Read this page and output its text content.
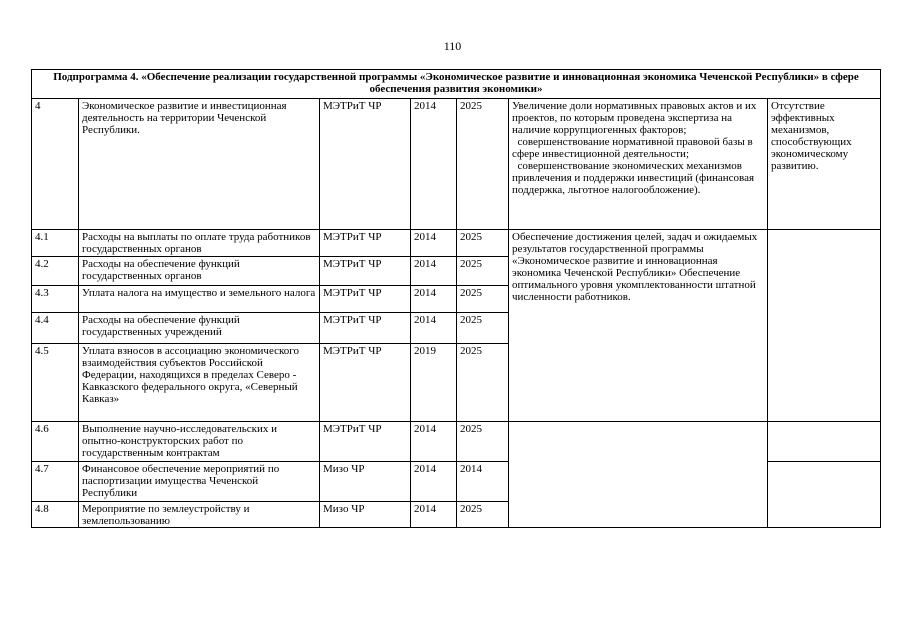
110
Подпрограмма 4. «Обеспечение реализации государственной программы «Экономическое развитие и инновационная экономика Чеченской Республики» в сфере обеспечения развития экономики»						
4	Экономическое развитие и инвестиционная деятельность на территории Чеченской Республики.	МЭТРиТ ЧР	2014	2025	Увеличение доли нормативных правовых актов и их проектов, по которым проведена экспертиза на наличие коррупциогенных факторов;
совершенствование нормативной правовой базы в сфере инвестиционной деятельности;
совершенствование экономических механизмов привлечения и поддержки инвестиций (финансовая поддержка, льготное налогообложение).	Отсутствие эффективных механизмов, способствующих экономическому развитию.
4.1	Расходы на выплаты по оплате труда работников государственных органов	МЭТРиТ ЧР	2014	2025	Обеспечение достижения целей, задач и ожидаемых результатов государственной программы «Экономическое развитие и инновационная экономика Чеченской Республики» Обеспечение оптимального уровня укомплектованности штатной численности работников.	
4.2	Расходы на обеспечение функций государственных органов	МЭТРиТ ЧР	2014	2025		
4.3	Уплата налога на имущество и земельного налога	МЭТРиТ ЧР	2014	2025		
4.4	Расходы на обеспечение функций государственных учреждений	МЭТРиТ ЧР	2014	2025		
4.5	Уплата взносов в ассоциацию экономического взаимодействия субъектов Российской Федерации, находящихся в пределах Северо - Кавказского федерального округа, «Северный Кавказ»	МЭТРиТ ЧР	2019	2025		
4.6	Выполнение научно-исследовательских и опытно-конструкторских работ по государственным контрактам	МЭТРиТ ЧР	2014	2025		
4.7	Финансовое обеспечение мероприятий по паспортизации имущества Чеченской Республики	Мизо ЧР	2014	2014		
4.8	Мероприятие по землеустройству и землепользованию	Мизо ЧР	2014	2025		
